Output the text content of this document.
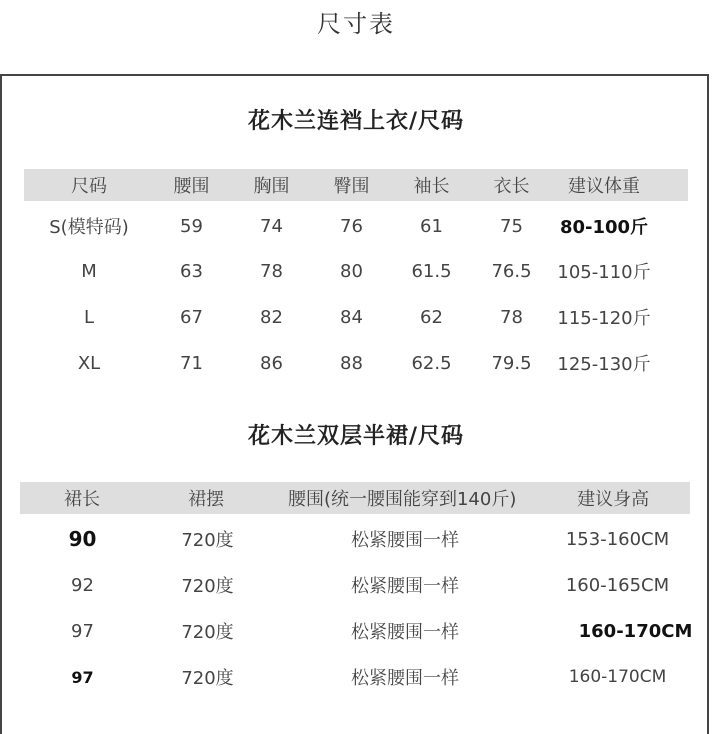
尺寸表
花木兰连裆上衣/尺码
尺码	腰围	胸围	臀围	袖长	衣长	建议体重
S(模特码)	59	74	76	61	75	80-100斤
M	63	78	80	61.5	76.5	105-110斤
L	67	82	84	62	78	115-120斤
XL	71	86	88	62.5	79.5	125-130斤
花木兰双层半裙/尺码
裙长	裙摆	腰围(统一腰围能穿到140斤)	建议身高
90	720度	松紧腰围一样	153-160CM
92	720度	松紧腰围一样	160-165CM
97	720度	松紧腰围一样	160-170CM
97	720度	松紧腰围一样	160-170CM
